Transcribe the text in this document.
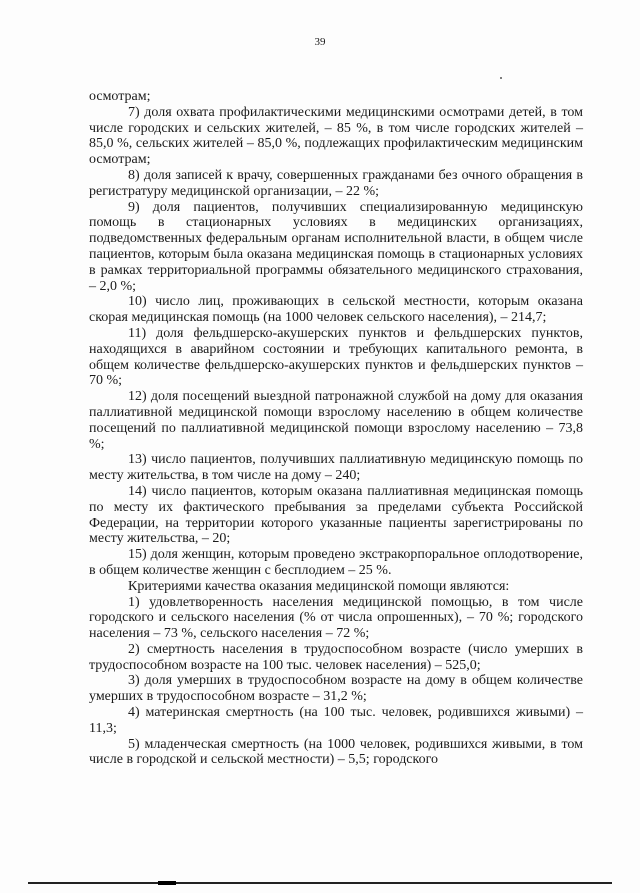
39

осмотрам;

7) доля охвата профилактическими медицинскими осмотрами детей, в том числе городских и сельских жителей, – 85 %, в том числе городских жителей – 85,0 %, сельских жителей – 85,0 %, подлежащих профилактическим медицинским осмотрам;

8) доля записей к врачу, совершенных гражданами без очного обращения в регистратуру медицинской организации, – 22 %;

9) доля пациентов, получивших специализированную медицинскую помощь в стационарных условиях в медицинских организациях, подведомственных федеральным органам исполнительной власти, в общем числе пациентов, которым была оказана медицинская помощь в стационарных условиях в рамках территориальной программы обязательного медицинского страхования, – 2,0 %;

10) число лиц, проживающих в сельской местности, которым оказана скорая медицинская помощь (на 1000 человек сельского населения), – 214,7;

11) доля фельдшерско-акушерских пунктов и фельдшерских пунктов, находящихся в аварийном состоянии и требующих капитального ремонта, в общем количестве фельдшерско-акушерских пунктов и фельдшерских пунктов – 70 %;

12) доля посещений выездной патронажной службой на дому для оказания паллиативной медицинской помощи взрослому населению в общем количестве посещений по паллиативной медицинской помощи взрослому населению – 73,8 %;

13) число пациентов, получивших паллиативную медицинскую помощь по месту жительства, в том числе на дому – 240;

14) число пациентов, которым оказана паллиативная медицинская помощь по месту их фактического пребывания за пределами субъекта Российской Федерации, на территории которого указанные пациенты зарегистрированы по месту жительства, – 20;

15) доля женщин, которым проведено экстракорпоральное оплодотворение, в общем количестве женщин с бесплодием – 25 %.

Критериями качества оказания медицинской помощи являются:

1) удовлетворенность населения медицинской помощью, в том числе городского и сельского населения (% от числа опрошенных), – 70 %; городского населения – 73 %, сельского населения – 72 %;

2) смертность населения в трудоспособном возрасте (число умерших в трудоспособном возрасте на 100 тыс. человек населения) – 525,0;

3) доля умерших в трудоспособном возрасте на дому в общем количестве умерших в трудоспособном возрасте – 31,2 %;

4) материнская смертность (на 100 тыс. человек, родившихся живыми) – 11,3;

5) младенческая смертность (на 1000 человек, родившихся живыми, в том числе в городской и сельской местности) – 5,5; городского
